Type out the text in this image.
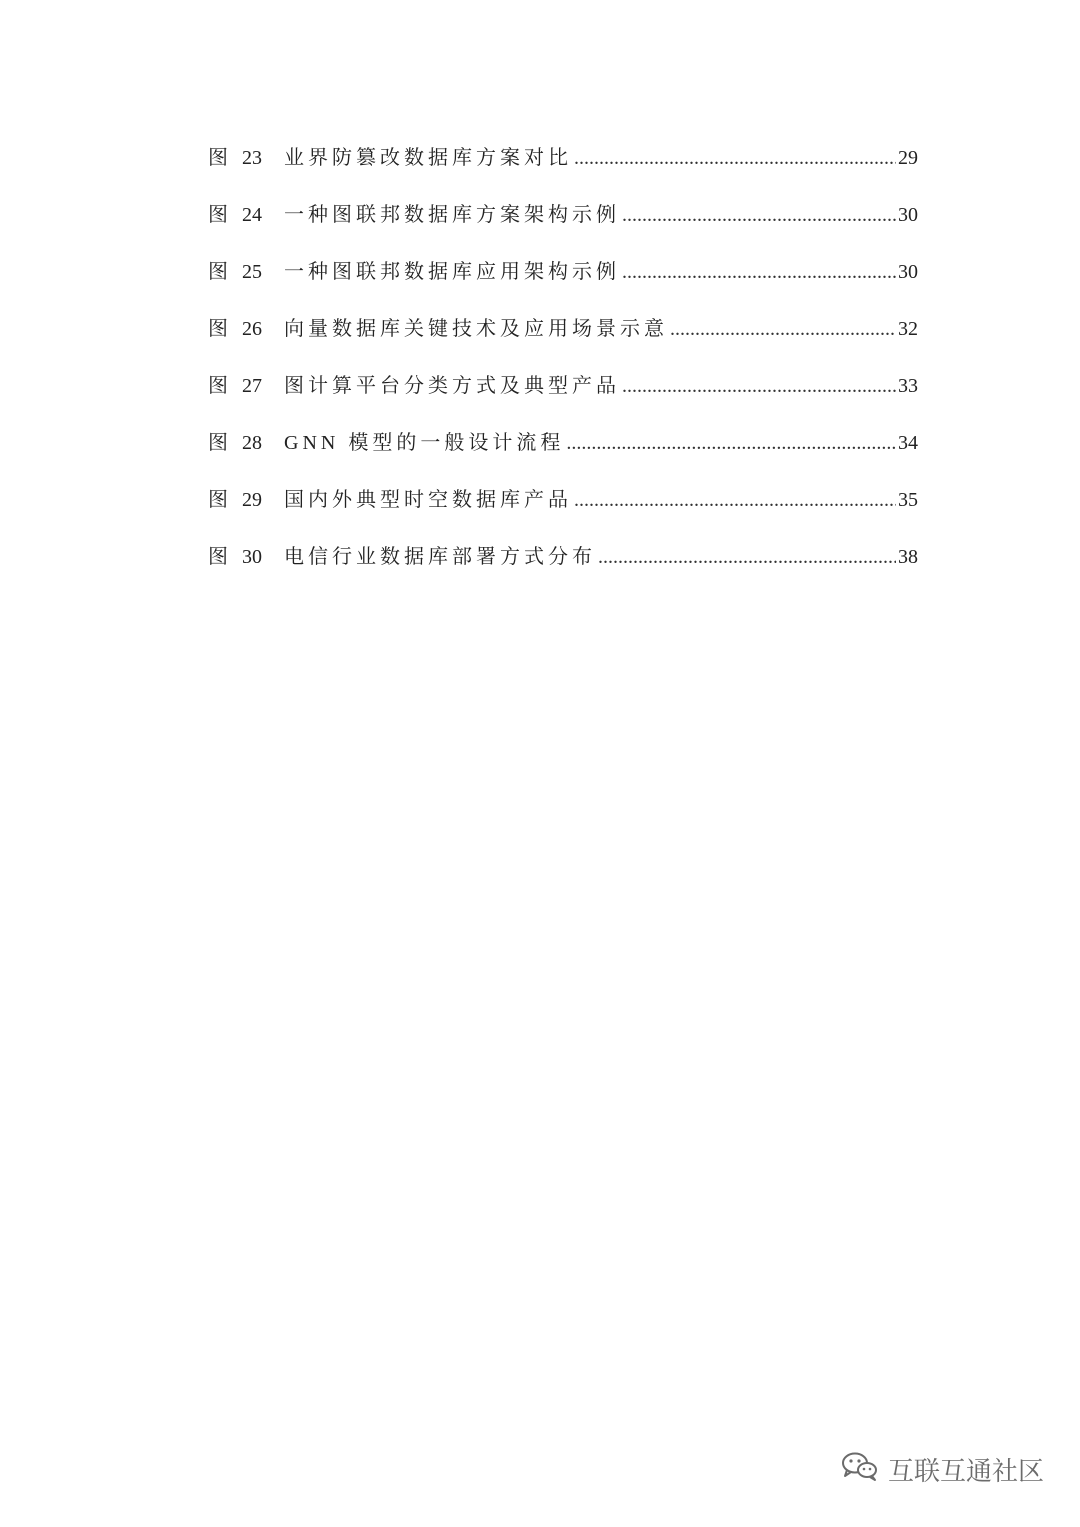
图 23	业界防篡改数据库方案对比 .....	29
图 24	一种图联邦数据库方案架构示例 .....	30
图 25	一种图联邦数据库应用架构示例 .....	30
图 26	向量数据库关键技术及应用场景示意 .....	32
图 27	图计算平台分类方式及典型产品 .....	33
图 28	GNN 模型的一般设计流程 .....	34
图 29	国内外典型时空数据库产品 .....	35
图 30	电信行业数据库部署方式分布 .....	38
互联互通社区
